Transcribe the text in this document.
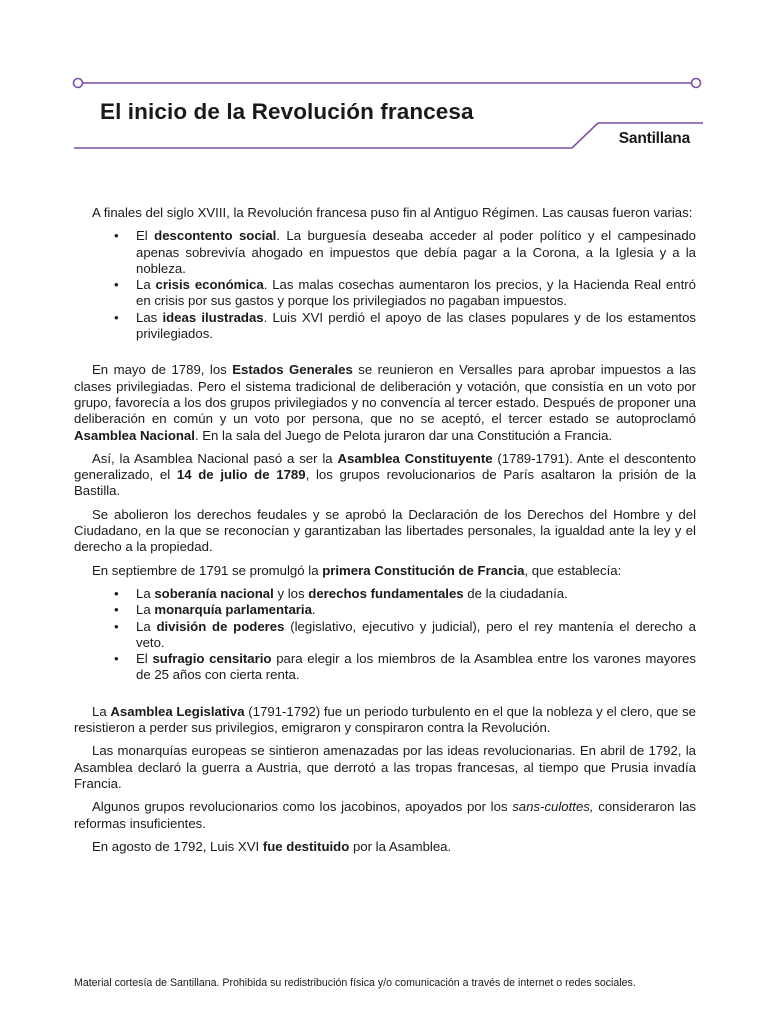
El inicio de la Revolución francesa
Santillana

A finales del siglo XVIII, la Revolución francesa puso fin al Antiguo Régimen. Las causas fueron varias:

• El descontento social. La burguesía deseaba acceder al poder político y el campesinado apenas sobrevivía ahogado en impuestos que debía pagar a la Corona, a la Iglesia y a la nobleza.
• La crisis económica. Las malas cosechas aumentaron los precios, y la Hacienda Real entró en crisis por sus gastos y porque los privilegiados no pagaban impuestos.
• Las ideas ilustradas. Luis XVI perdió el apoyo de las clases populares y de los estamentos privilegiados.

En mayo de 1789, los Estados Generales se reunieron en Versalles para aprobar impuestos a las clases privilegiadas. Pero el sistema tradicional de deliberación y votación, que consistía en un voto por grupo, favorecía a los dos grupos privilegiados y no convencía al tercer estado. Después de proponer una deliberación en común y un voto por persona, que no se aceptó, el tercer estado se autoproclamó Asamblea Nacional. En la sala del Juego de Pelota juraron dar una Constitución a Francia.

Así, la Asamblea Nacional pasó a ser la Asamblea Constituyente (1789-1791). Ante el descontento generalizado, el 14 de julio de 1789, los grupos revolucionarios de París asaltaron la prisión de la Bastilla.

Se abolieron los derechos feudales y se aprobó la Declaración de los Derechos del Hombre y del Ciudadano, en la que se reconocían y garantizaban las libertades personales, la igualdad ante la ley y el derecho a la propiedad.

En septiembre de 1791 se promulgó la primera Constitución de Francia, que establecía:

• La soberanía nacional y los derechos fundamentales de la ciudadanía.
• La monarquía parlamentaria.
• La división de poderes (legislativo, ejecutivo y judicial), pero el rey mantenía el derecho a veto.
• El sufragio censitario para elegir a los miembros de la Asamblea entre los varones mayores de 25 años con cierta renta.

La Asamblea Legislativa (1791-1792) fue un periodo turbulento en el que la nobleza y el clero, que se resistieron a perder sus privilegios, emigraron y conspiraron contra la Revolución.

Las monarquías europeas se sintieron amenazadas por las ideas revolucionarias. En abril de 1792, la Asamblea declaró la guerra a Austria, que derrotó a las tropas francesas, al tiempo que Prusia invadía Francia.

Algunos grupos revolucionarios como los jacobinos, apoyados por los sans-culottes, consideraron las reformas insuficientes.

En agosto de 1792, Luis XVI fue destituido por la Asamblea.

Material cortesía de Santillana. Prohibida su redistribución física y/o comunicación a través de internet o redes sociales.
